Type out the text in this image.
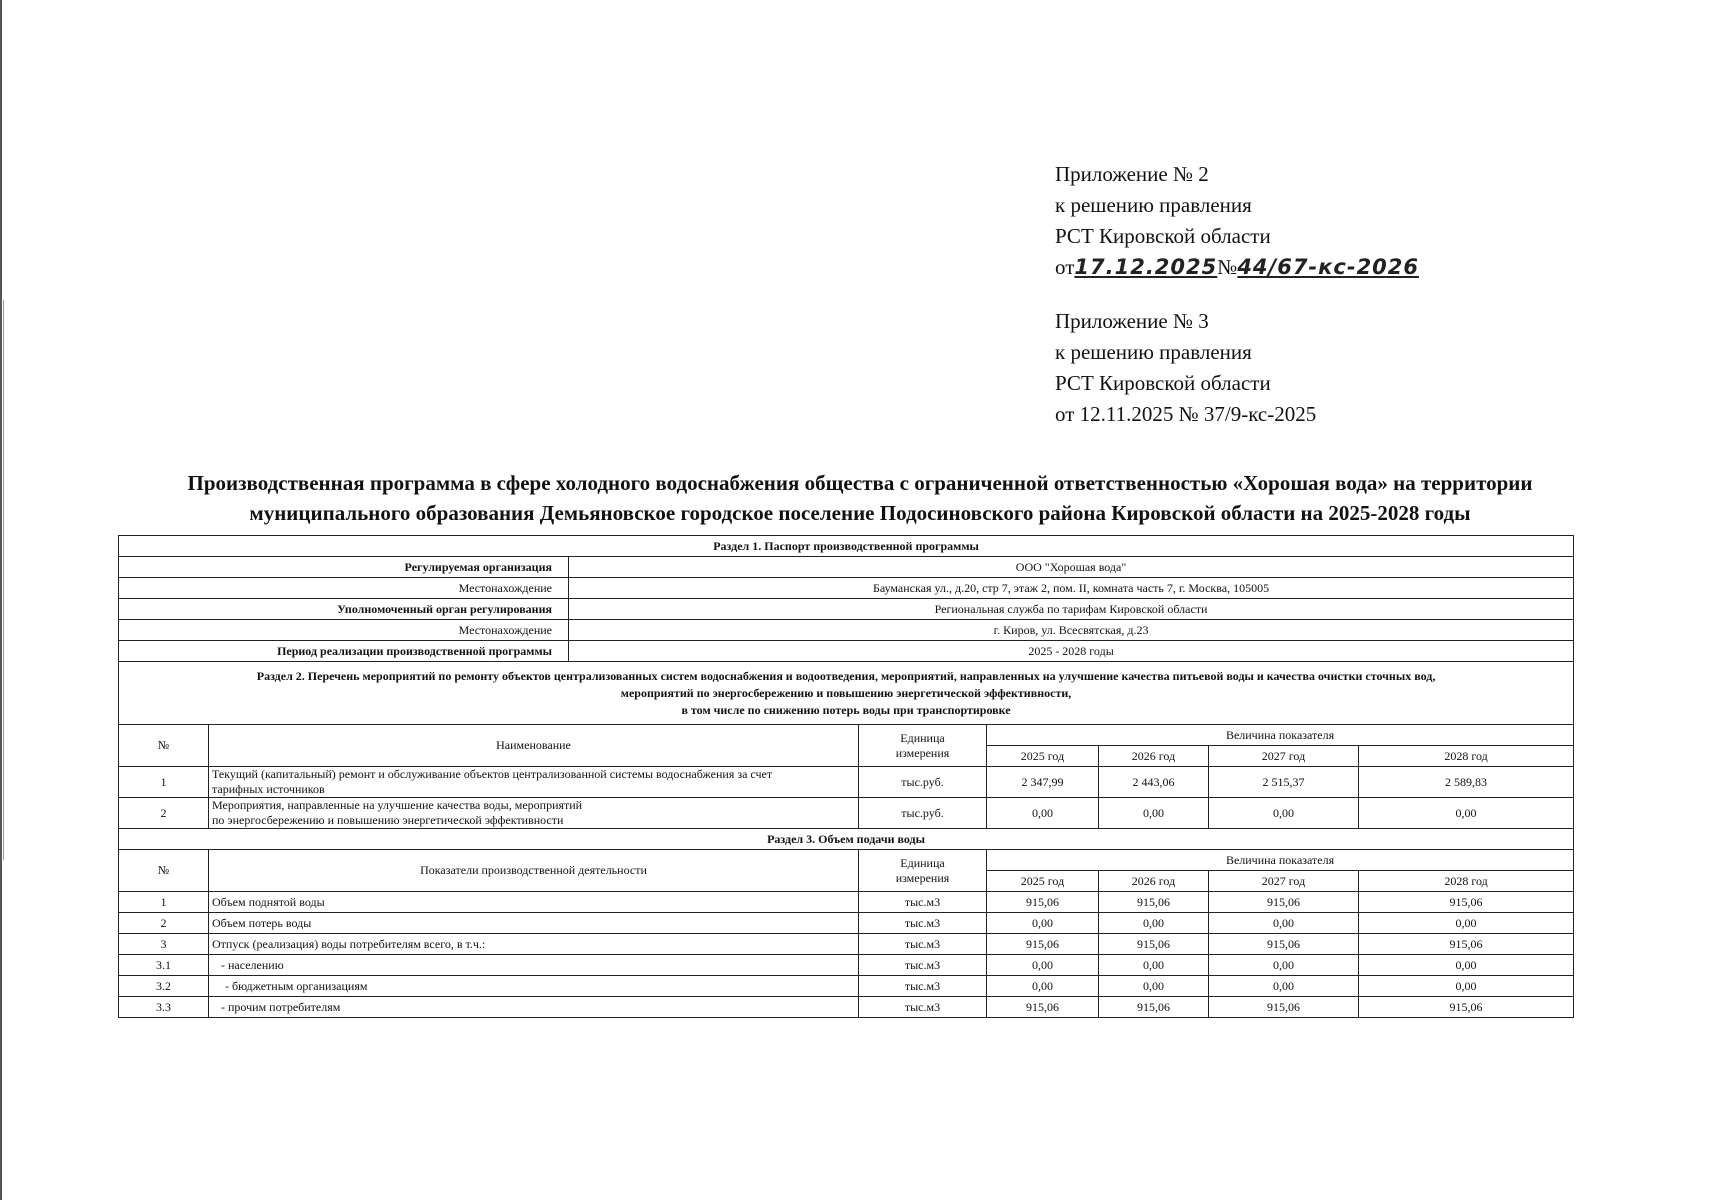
Приложение № 2
к решению правления
РСТ Кировской области
от17.12.2025№44/67-кс-2026
Приложение № 3
к решению правления
РСТ Кировской области
от 12.11.2025 № 37/9-кс-2025
Производственная программа в сфере холодного водоснабжения общества с ограниченной ответственностью «Хорошая вода» на территории
муниципального образования Демьяновское городское поселение Подосиновского района Кировской области на 2025-2028 годы
Раздел 1. Паспорт производственной программы							
Регулируемая организация		ООО "Хорошая вода"					
Местонахождение		Бауманская ул., д.20, стр 7, этаж 2, пом. II, комната часть 7, г. Москва, 105005					
Уполномоченный орган регулирования		Региональная служба по тарифам Кировской области					
Местонахождение		г. Киров, ул. Всесвятская, д.23					
Период реализации производственной программы		2025 - 2028 годы					

Раздел 2. Перечень мероприятий по ремонту объектов централизованных систем водоснабжения и водоотведения, мероприятий, направленных на улучшение качества питьевой воды и качества очистки сточных вод,
мероприятий по энергосбережению и повышению энергетической эффективности,
в том числе по снижению потерь воды при транспортировке							

№	Наименование		Единица
измерения	Величина показателя			
				2025 год	2026 год	2027 год	2028 год
1	Текущий (капитальный) ремонт и обслуживание объектов централизованной системы водоснабжения за счет
тарифных источников		тыс.руб.	2 347,99	2 443,06	2 515,37	2 589,83
2	Мероприятия, направленные на улучшение качества воды, мероприятий
по энергосбережению и повышению энергетической эффективности		тыс.руб.	0,00	0,00	0,00	0,00
Раздел 3. Объем подачи воды							
№	Показатели производственной деятельности		Единица
измерения	Величина показателя			
				2025 год	2026 год	2027 год	2028 год
1	Объем поднятой воды		тыс.м3	915,06	915,06	915,06	915,06
2	Объем потерь воды		тыс.м3	0,00	0,00	0,00	0,00
3	Отпуск (реализация) воды потребителям всего, в т.ч.:		тыс.м3	915,06	915,06	915,06	915,06
3.1	- населению		тыс.м3	0,00	0,00	0,00	0,00
3.2	- бюджетным организациям		тыс.м3	0,00	0,00	0,00	0,00
3.3	- прочим потребителям		тыс.м3	915,06	915,06	915,06	915,06
